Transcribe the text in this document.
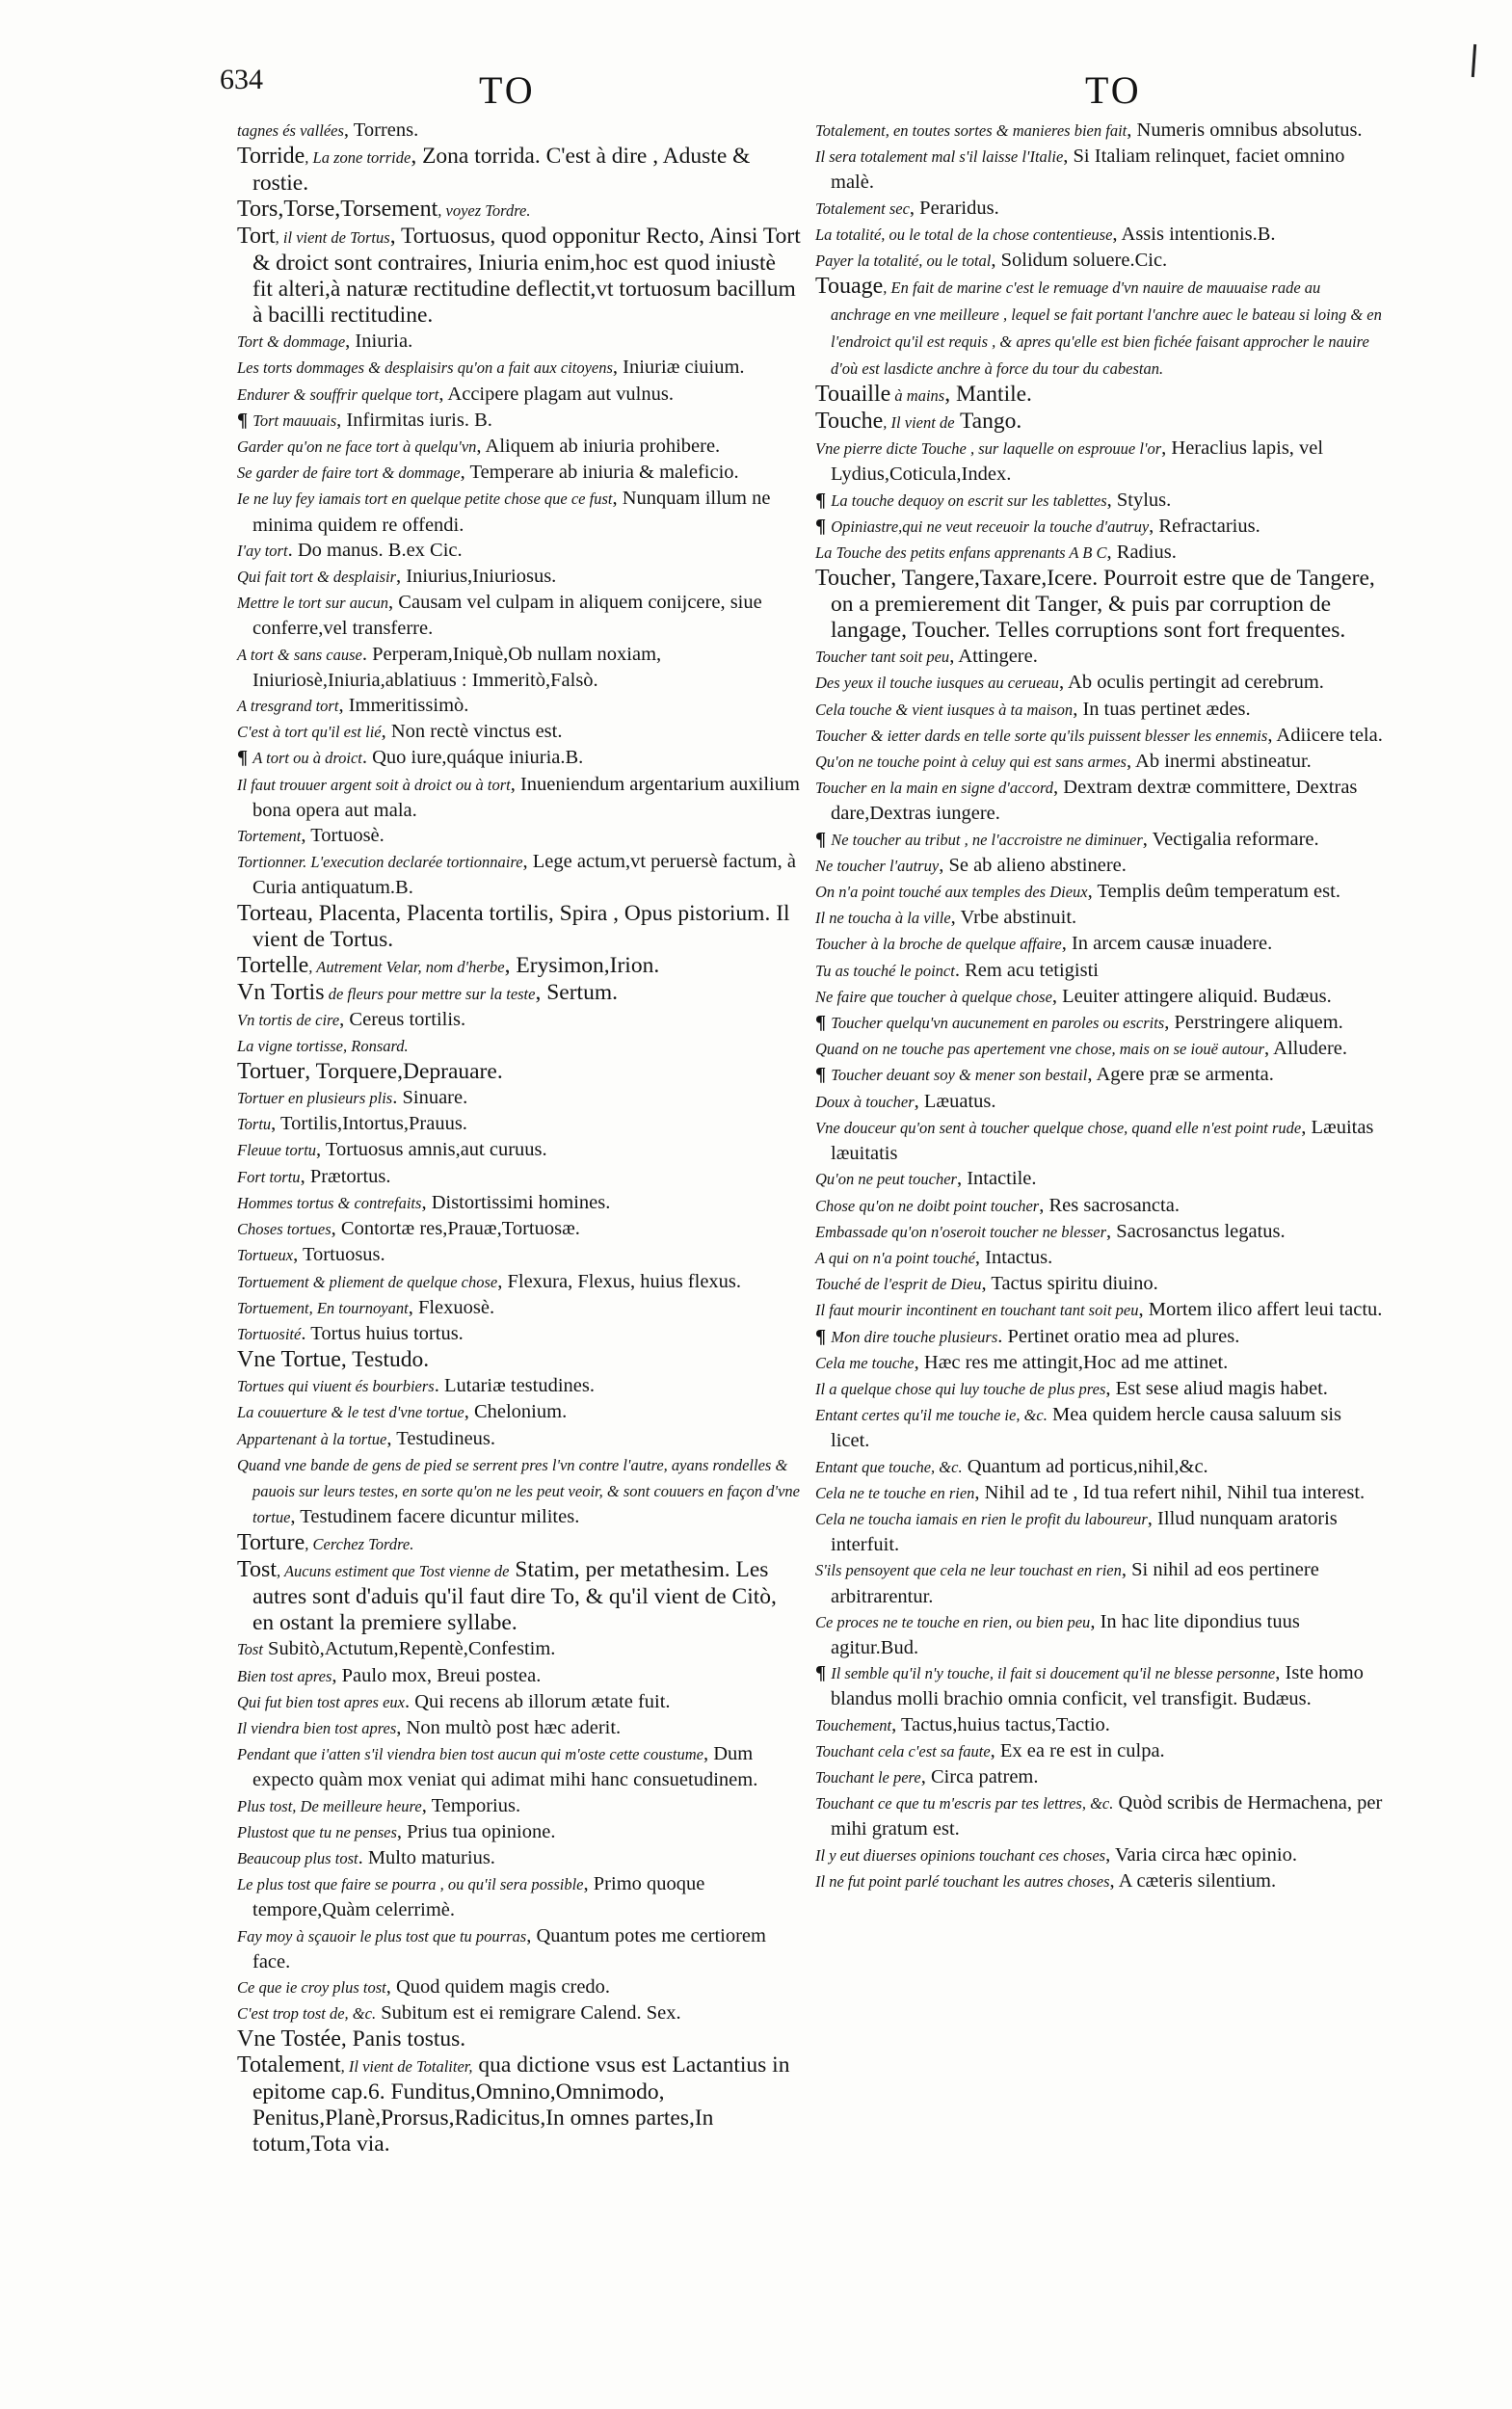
634	TO	TO

tagnes és vallées, Torrens.

Torride, La zone torride, Zona torrida. C'est à dire , Aduste & rostie.

Tors,Torse,Torsement, voyez Tordre.

Tort, il vient de Tortus, Tortuosus, quod opponitur Recto, Ainsi Tort & droict sont contraires, Iniuria enim,hoc est quod iniustè fit alteri,à naturæ rectitudine deflectit,vt tortuosum bacillum à bacilli rectitudine.

Tort & dommage, Iniuria.

Les torts dommages & desplaisirs qu'on a fait aux citoyens, Iniuriæ ciuium.

Endurer & souffrir quelque tort, Accipere plagam aut vulnus.

¶ Tort mauuais, Infirmitas iuris. B.

Garder qu'on ne face tort à quelqu'vn, Aliquem ab iniuria prohibere.

Se garder de faire tort & dommage, Temperare ab iniuria & maleficio.

Ie ne luy fey iamais tort en quelque petite chose que ce fust, Nunquam illum ne minima quidem re offendi.

I'ay tort. Do manus. B.ex Cic.

Qui fait tort & desplaisir, Iniurius,Iniuriosus.

Mettre le tort sur aucun, Causam vel culpam in aliquem conijcere, siue conferre,vel transferre.

A tort & sans cause. Perperam,Iniquè,Ob nullam noxiam, Iniuriosè,Iniuria,ablatiuus : Immeritò,Falsò.

A tresgrand tort, Immeritissimò.

C'est à tort qu'il est lié, Non rectè vinctus est.

¶ A tort ou à droict. Quo iure,quáque iniuria.B.

Il faut trouuer argent soit à droict ou à tort, Inueniendum argentarium auxilium bona opera aut mala.

Tortement, Tortuosè.

Tortionner. L'execution declarée tortionnaire, Lege actum,vt peruersè factum, à Curia antiquatum.B.

Torteau, Placenta, Placenta tortilis, Spira , Opus pistorium. Il vient de Tortus.

Tortelle, Autrement Velar, nom d'herbe, Erysimon,Irion.

Vn Tortis de fleurs pour mettre sur la teste, Sertum.

Vn tortis de cire, Cereus tortilis.

La vigne tortisse, Ronsard.

Tortuer, Torquere,Deprauare.

Tortuer en plusieurs plis. Sinuare.

Tortu, Tortilis,Intortus,Prauus.

Fleuue tortu, Tortuosus amnis,aut curuus.

Fort tortu, Prætortus.

Hommes tortus & contrefaits, Distortissimi homines.

Choses tortues, Contortæ res,Prauæ,Tortuosæ.

Tortueux, Tortuosus.

Tortuement & pliement de quelque chose, Flexura, Flexus, huius flexus.

Tortuement, En tournoyant, Flexuosè.

Tortuosité. Tortus huius tortus.

Vne Tortue, Testudo.

Tortues qui viuent és bourbiers. Lutariæ testudines.

La couuerture & le test d'vne tortue, Chelonium.

Appartenant à la tortue, Testudineus.

Quand vne bande de gens de pied se serrent pres l'vn contre l'autre, ayans rondelles & pauois sur leurs testes, en sorte qu'on ne les peut veoir, & sont couuers en façon d'vne tortue, Testudinem facere dicuntur milites.

Torture, Cerchez Tordre.

Tost, Aucuns estiment que Tost vienne de Statim, per metathesim. Les autres sont d'aduis qu'il faut dire To, & qu'il vient de Citò, en ostant la premiere syllabe.

Tost Subitò,Actutum,Repentè,Confestim.

Bien tost apres, Paulo mox, Breui postea.

Qui fut bien tost apres eux. Qui recens ab illorum ætate fuit.

Il viendra bien tost apres, Non multò post hæc aderit.

Pendant que i'atten s'il viendra bien tost aucun qui m'oste cette coustume, Dum expecto quàm mox veniat qui adimat mihi hanc consuetudinem.

Plus tost, De meilleure heure, Temporius.

Plustost que tu ne penses, Prius tua opinione.

Beaucoup plus tost. Multo maturius.

Le plus tost que faire se pourra , ou qu'il sera possible, Primo quoque tempore,Quàm celerrimè.

Fay moy à sçauoir le plus tost que tu pourras, Quantum potes me certiorem face.

Ce que ie croy plus tost, Quod quidem magis credo.

C'est trop tost de, &c. Subitum est ei remigrare Calend. Sex.

Vne Tostée, Panis tostus.

Totalement, Il vient de Totaliter, qua dictione vsus est Lactantius in epitome cap.6. Funditus,Omnino,Omnimodo, Penitus,Planè,Prorsus,Radicitus,In omnes partes,In totum,Tota via.

Totalement, en toutes sortes & manieres bien fait, Numeris omnibus absolutus.

Il sera totalement mal s'il laisse l'Italie, Si Italiam relinquet, faciet omnino malè.

Totalement sec, Peraridus.

La totalité, ou le total de la chose contentieuse, Assis intentionis.B.

Payer la totalité, ou le total, Solidum soluere.Cic.

Touage, En fait de marine c'est le remuage d'vn nauire de mauuaise rade au anchrage en vne meilleure , lequel se fait portant l'anchre auec le bateau si loing & en l'endroict qu'il est requis , & apres qu'elle est bien fichée faisant approcher le nauire d'où est lasdicte anchre à force du tour du cabestan.

Touaille à mains, Mantile.

Touche, Il vient de Tango.

Vne pierre dicte Touche , sur laquelle on esprouue l'or, Heraclius lapis, vel Lydius,Coticula,Index.

¶ La touche dequoy on escrit sur les tablettes, Stylus.

¶ Opiniastre,qui ne veut receuoir la touche d'autruy, Refractarius.

La Touche des petits enfans apprenants A B C, Radius.

Toucher, Tangere,Taxare,Icere. Pourroit estre que de Tangere, on a premierement dit Tanger, & puis par corruption de langage, Toucher. Telles corruptions sont fort frequentes.

Toucher tant soit peu, Attingere.

Des yeux il touche iusques au cerueau, Ab oculis pertingit ad cerebrum.

Cela touche & vient iusques à ta maison, In tuas pertinet ædes.

Toucher & ietter dards en telle sorte qu'ils puissent blesser les ennemis, Adiicere tela.

Qu'on ne touche point à celuy qui est sans armes, Ab inermi abstineatur.

Toucher en la main en signe d'accord, Dextram dextræ committere, Dextras dare,Dextras iungere.

¶ Ne toucher au tribut , ne l'accroistre ne diminuer, Vectigalia reformare.

Ne toucher l'autruy, Se ab alieno abstinere.

On n'a point touché aux temples des Dieux, Templis deûm temperatum est.

Il ne toucha à la ville, Vrbe abstinuit.

Toucher à la broche de quelque affaire, In arcem causæ inuadere.

Tu as touché le poinct. Rem acu tetigisti

Ne faire que toucher à quelque chose, Leuiter attingere aliquid. Budæus.

¶ Toucher quelqu'vn aucunement en paroles ou escrits, Perstringere aliquem.

Quand on ne touche pas apertement vne chose, mais on se iouë autour, Alludere.

¶ Toucher deuant soy & mener son bestail, Agere præ se armenta.

Doux à toucher, Læuatus.

Vne douceur qu'on sent à toucher quelque chose, quand elle n'est point rude, Læuitas læuitatis

Qu'on ne peut toucher, Intactile.

Chose qu'on ne doibt point toucher, Res sacrosancta.

Embassade qu'on n'oseroit toucher ne blesser, Sacrosanctus legatus.

A qui on n'a point touché, Intactus.

Touché de l'esprit de Dieu, Tactus spiritu diuino.

Il faut mourir incontinent en touchant tant soit peu, Mortem ilico affert leui tactu.

¶ Mon dire touche plusieurs. Pertinet oratio mea ad plures.

Cela me touche, Hæc res me attingit,Hoc ad me attinet.

Il a quelque chose qui luy touche de plus pres, Est sese aliud magis habet.

Entant certes qu'il me touche ie, &c. Mea quidem hercle causa saluum sis licet.

Entant que touche, &c. Quantum ad porticus,nihil,&c.

Cela ne te touche en rien, Nihil ad te , Id tua refert nihil, Nihil tua interest.

Cela ne toucha iamais en rien le profit du laboureur, Illud nunquam aratoris interfuit.

S'ils pensoyent que cela ne leur touchast en rien, Si nihil ad eos pertinere arbitrarentur.

Ce proces ne te touche en rien, ou bien peu, In hac lite dipondius tuus agitur.Bud.

¶ Il semble qu'il n'y touche, il fait si doucement qu'il ne blesse personne, Iste homo blandus molli brachio omnia conficit, vel transfigit. Budæus.

Touchement, Tactus,huius tactus,Tactio.

Touchant cela c'est sa faute, Ex ea re est in culpa.

Touchant le pere, Circa patrem.

Touchant ce que tu m'escris par tes lettres, &c. Quòd scribis de Hermachena, per mihi gratum est.

Il y eut diuerses opinions touchant ces choses, Varia circa hæc opinio.

Il ne fut point parlé touchant les autres choses, A cæteris silentium.
